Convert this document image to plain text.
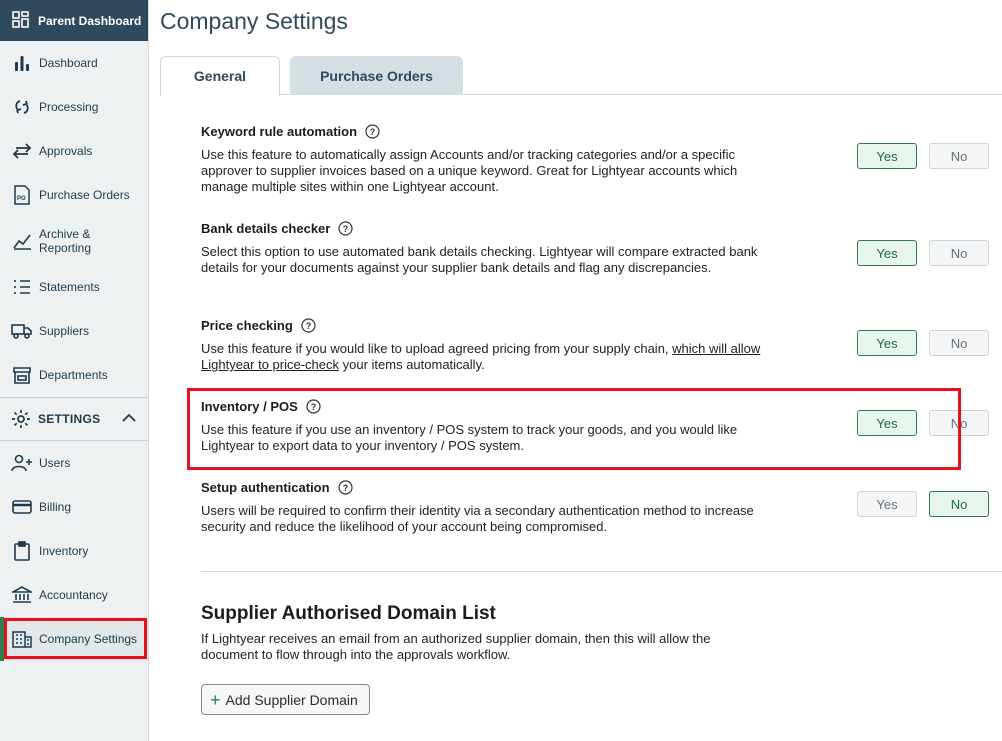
Parent Dashboard
Dashboard
Processing
Approvals
PO Purchase Orders
Archive &
Reporting
Statements
Suppliers
Departments
SETTINGS
Users
Billing
Inventory
Accountancy
Company Settings
Company Settings
General	Purchase Orders
Keyword rule automation ?
Use this feature to automatically assign Accounts and/or tracking categories and/or a specific approver to supplier invoices based on a unique keyword. Great for Lightyear accounts which manage multiple sites within one Lightyear account.
Yes	No
Bank details checker ?
Select this option to use automated bank details checking. Lightyear will compare extracted bank details for your documents against your supplier bank details and flag any discrepancies.
Yes	No
Price checking ?
Use this feature if you would like to upload agreed pricing from your supply chain, which will allow Lightyear to price-check your items automatically.
Yes	No
Inventory / POS ?
Use this feature if you use an inventory / POS system to track your goods, and you would like Lightyear to export data to your inventory / POS system.
Yes	No
Setup authentication ?
Users will be required to confirm their identity via a secondary authentication method to increase security and reduce the likelihood of your account being compromised.
Yes	No
Supplier Authorised Domain List

If Lightyear receives an email from an authorized supplier domain, then this will allow the document to flow through into the approvals workflow.

+ Add Supplier Domain
